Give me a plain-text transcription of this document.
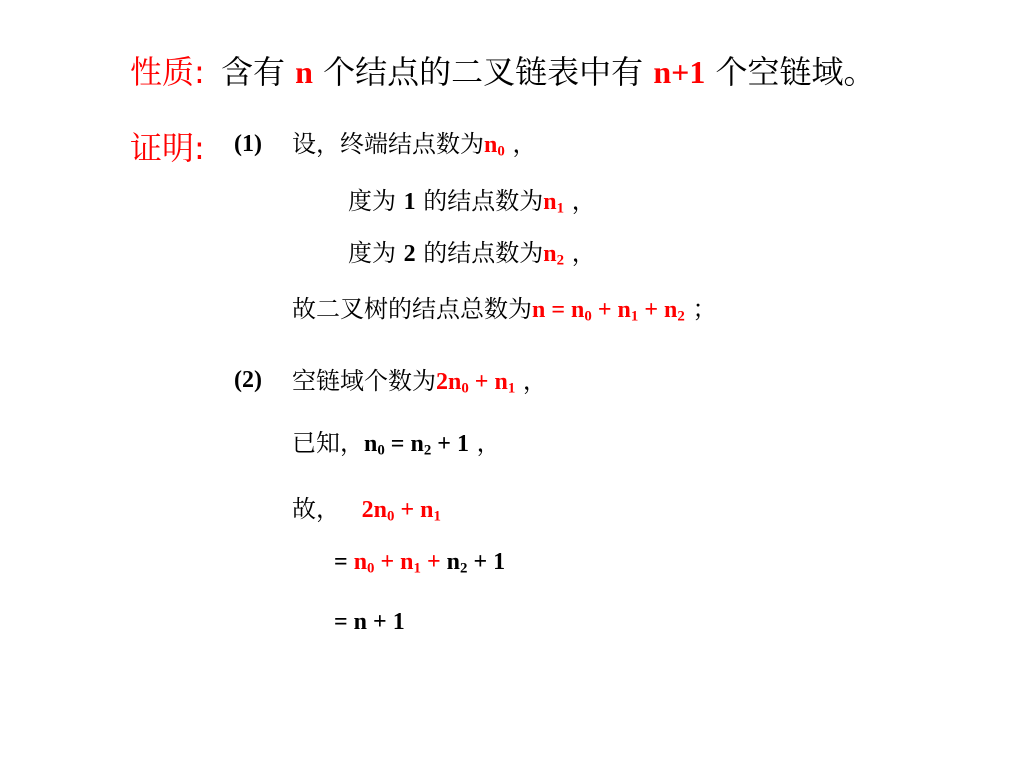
性质: 含有 n 个结点的二叉链表中有 n+1 个空链域。
证明: (1) 设，终端结点数为$n_0$ ，
度为 1 的结点数为$n_1$ ，
度为 2 的结点数为$n_2$ ，
故二叉树的结点总数为$n = n_0 + n_1 + n_2$ ；
(2) 空链域个数为$2n_0 + n_1$ ，
已知，$n_0 = n_2 + 1$ ，
故， $2n_0 + n_1$
= $n_0 + n_1 + n_2 + 1$
= n + 1
